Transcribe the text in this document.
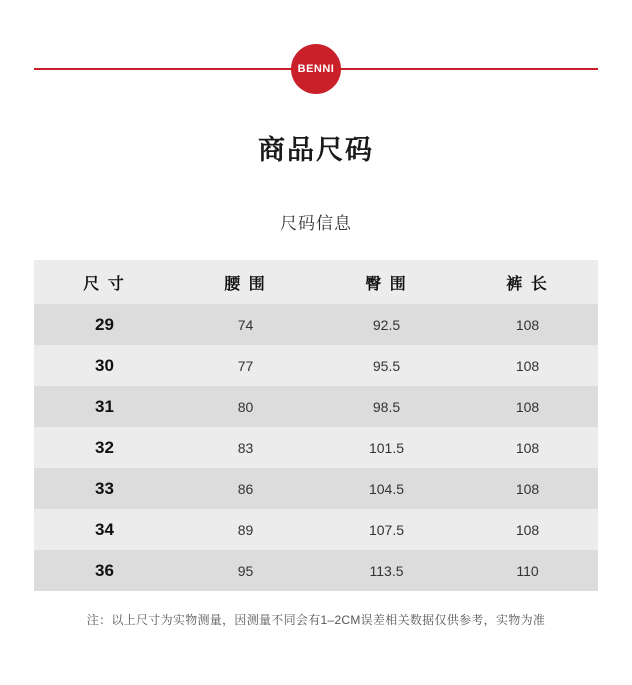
BENNI
商品尺码
尺码信息
尺 寸	腰 围	臀 围	裤 长
29	74	92.5	108
30	77	95.5	108
31	80	98.5	108
32	83	101.5	108
33	86	104.5	108
34	89	107.5	108
36	95	113.5	110
注：以上尺寸为实物测量，因测量不同会有1–2CM误差相关数据仅供参考，实物为准
